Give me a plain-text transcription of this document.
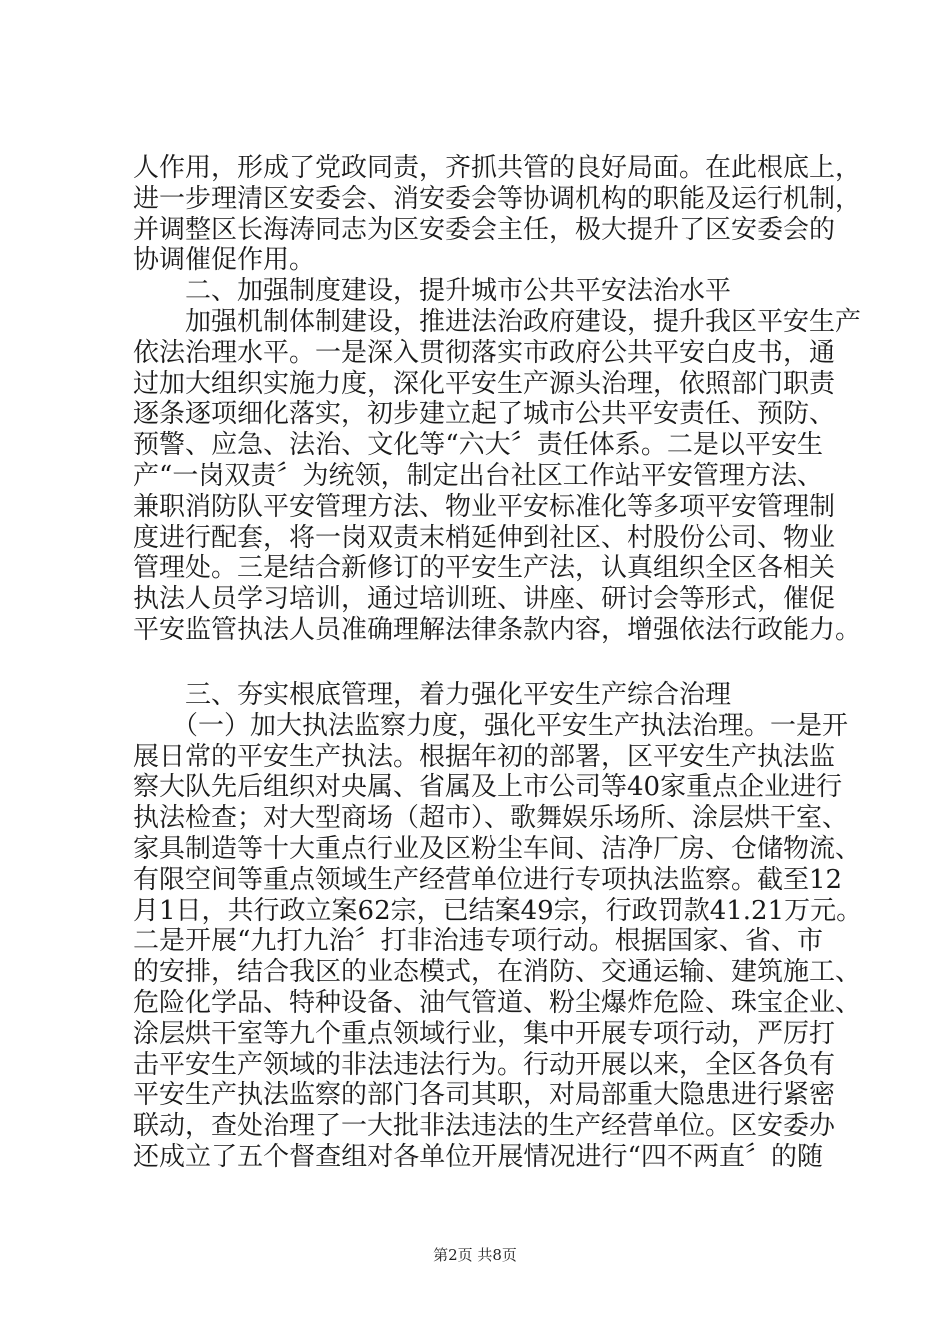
人作用，形成了党政同责，齐抓共管的良好局面。在此根底上，
进一步理清区安委会、消安委会等协调机构的职能及运行机制，
并调整区长海涛同志为区安委会主任，极大提升了区安委会的
协调催促作用。
　　二、加强制度建设，提升城市公共平安法治水平
　　加强机制体制建设，推进法治政府建设，提升我区平安生产
依法治理水平。一是深入贯彻落实市政府公共平安白皮书，通
过加大组织实施力度，深化平安生产源头治理，依照部门职责
逐条逐项细化落实，初步建立起了城市公共平安责任、预防、
预警、应急、法治、文化等“六大〞责任体系。二是以平安生
产“一岗双责〞为统领，制定出台社区工作站平安管理方法、
兼职消防队平安管理方法、物业平安标准化等多项平安管理制
度进行配套，将一岗双责末梢延伸到社区、村股份公司、物业
管理处。三是结合新修订的平安生产法，认真组织全区各相关
执法人员学习培训，通过培训班、讲座、研讨会等形式，催促
平安监管执法人员准确理解法律条款内容，增强依法行政能力。
　　三、夯实根底管理，着力强化平安生产综合治理
　　（一）加大执法监察力度，强化平安生产执法治理。一是开
展日常的平安生产执法。根据年初的部署，区平安生产执法监
察大队先后组织对央属、省属及上市公司等40家重点企业进行
执法检查；对大型商场（超市）、歌舞娱乐场所、涂层烘干室、
家具制造等十大重点行业及区粉尘车间、洁净厂房、仓储物流、
有限空间等重点领域生产经营单位进行专项执法监察。截至12
月1日，共行政立案62宗，已结案49宗，行政罚款41.21万元。
二是开展“九打九治〞打非治违专项行动。根据国家、省、市
的安排，结合我区的业态模式，在消防、交通运输、建筑施工、
危险化学品、特种设备、油气管道、粉尘爆炸危险、珠宝企业、
涂层烘干室等九个重点领域行业，集中开展专项行动，严厉打
击平安生产领域的非法违法行为。行动开展以来，全区各负有
平安生产执法监察的部门各司其职，对局部重大隐患进行紧密
联动，查处治理了一大批非法违法的生产经营单位。区安委办
还成立了五个督查组对各单位开展情况进行“四不两直〞的随
第2页 共8页
